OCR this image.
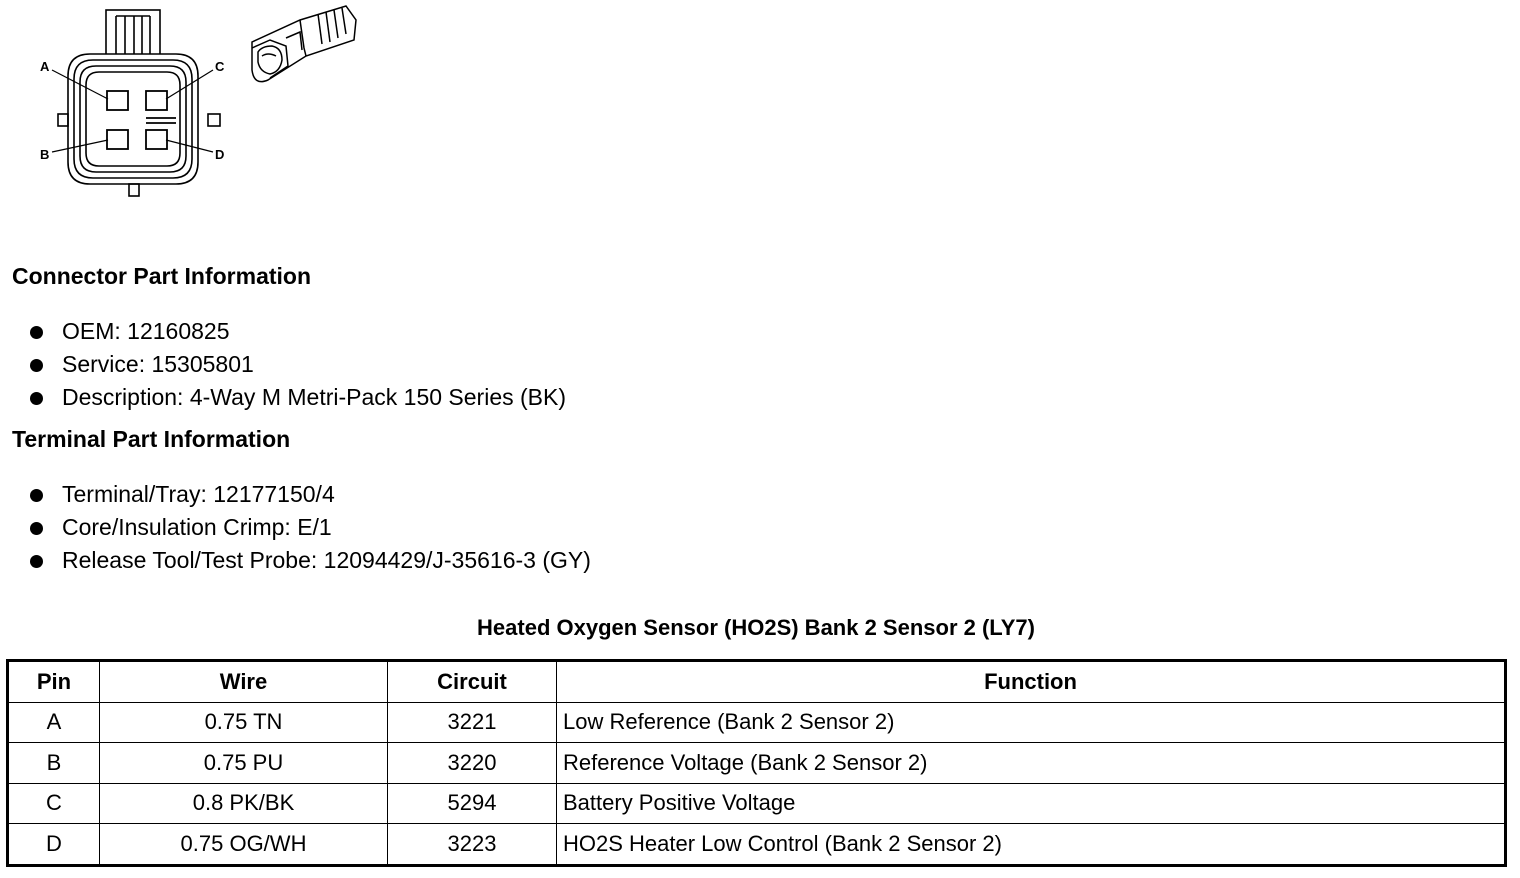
A
B
C
D
Connector Part Information
OEM: 12160825
Service: 15305801
Description: 4-Way M Metri-Pack 150 Series (BK)
Terminal Part Information
Terminal/Tray: 12177150/4
Core/Insulation Crimp: E/1
Release Tool/Test Probe: 12094429/J-35616-3 (GY)
Heated Oxygen Sensor (HO2S) Bank 2 Sensor 2 (LY7)
Pin	Wire	Circuit	Function
A	0.75 TN	3221	Low Reference (Bank 2 Sensor 2)
B	0.75 PU	3220	Reference Voltage (Bank 2 Sensor 2)
C	0.8 PK/BK	5294	Battery Positive Voltage
D	0.75 OG/WH	3223	HO2S Heater Low Control (Bank 2 Sensor 2)
